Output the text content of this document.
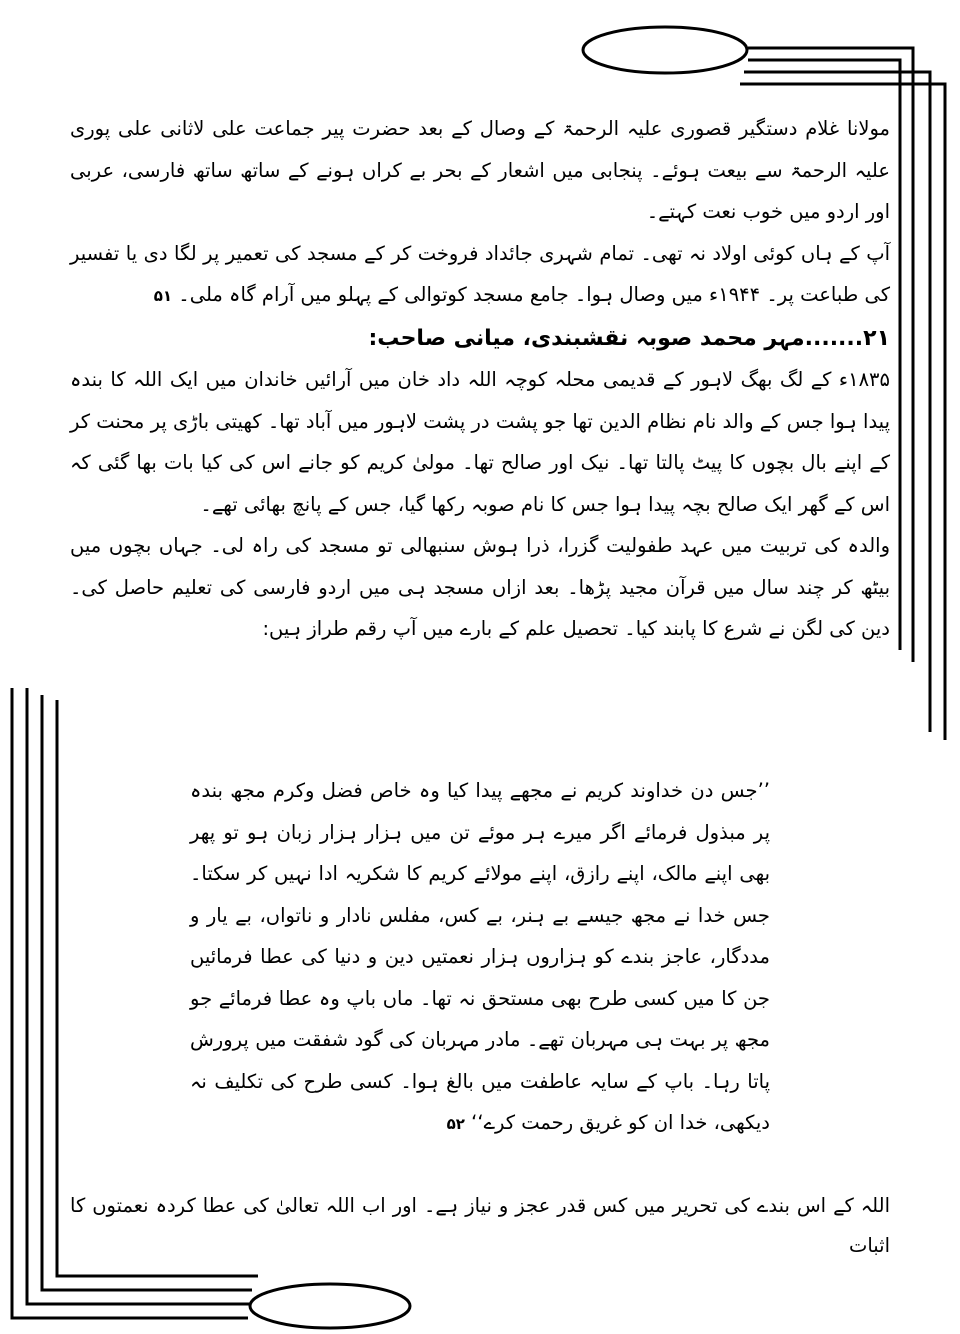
مولانا غلام دستگیر قصوری علیہ الرحمۃ کے وصال کے بعد حضرت پیر جماعت علی لاثانی علی پوری علیہ الرحمۃ سے بیعت ہوئے۔ پنجابی میں اشعار کے بحر بے کراں ہونے کے ساتھ ساتھ فارسی، عربی اور اردو میں خوب نعت کہتے۔

آپ کے ہاں کوئی اولاد نہ تھی۔ تمام شہری جائداد فروخت کر کے مسجد کی تعمیر پر لگا دی یا تفسیر کی طباعت پر۔ ۱۹۴۴ء میں وصال ہوا۔ جامع مسجد کوتوالی کے پہلو میں آرام گاہ ملی۔ ۵۱

۲۱.......مہر محمد صوبہ نقشبندی، میانی صاحب:

۱۸۳۵ء کے لگ بھگ لاہور کے قدیمی محلہ کوچہ اللہ داد خان میں آرائیں خاندان میں ایک اللہ کا بندہ پیدا ہوا جس کے والد نام نظام الدین تھا جو پشت در پشت لاہور میں آباد تھا۔ کھیتی باڑی پر محنت کر کے اپنے بال بچوں کا پیٹ پالتا تھا۔ نیک اور صالح تھا۔ مولیٰ کریم کو جانے اس کی کیا بات بھا گئی کہ اس کے گھر ایک صالح بچہ پیدا ہوا جس کا نام صوبہ رکھا گیا، جس کے پانچ بھائی تھے۔

والدہ کی تربیت میں عہد طفولیت گزرا، ذرا ہوش سنبھالی تو مسجد کی راہ لی۔ جہاں بچوں میں بیٹھ کر چند سال میں قرآن مجید پڑھا۔ بعد ازاں مسجد ہی میں اردو فارسی کی تعلیم حاصل کی۔ دین کی لگن نے شرع کا پابند کیا۔ تحصیل علم کے بارے میں آپ رقم طراز ہیں:

’’جس دن خداوند کریم نے مجھے پیدا کیا وہ خاص فضل وکرم مجھ بندہ پر مبذول فرمائے اگر میرے ہر موئے تن میں ہزار ہزار زبان ہو تو پھر بھی اپنے مالک، اپنے رازق، اپنے مولائے کریم کا شکریہ ادا نہیں کر سکتا۔ جس خدا نے مجھ جیسے بے ہنر، بے کس، مفلس نادار و ناتواں، بے یار و مددگار، عاجز بندے کو ہزاروں ہزار نعمتیں دین و دنیا کی عطا فرمائیں جن کا میں کسی طرح بھی مستحق نہ تھا۔ ماں باپ وہ عطا فرمائے جو مجھ پر بہت ہی مہربان تھے۔ مادر مہربان کی گود شفقت میں پرورش پاتا رہا۔ باپ کے سایہ عاطفت میں بالغ ہوا۔ کسی طرح کی تکلیف نہ دیکھی، خدا ان کو غریق رحمت کرے‘‘ ۵۲
اللہ کے اس بندے کی تحریر میں کس قدر عجز و نیاز ہے۔ اور اب اللہ تعالیٰ کی عطا کردہ نعمتوں کا اثبات
